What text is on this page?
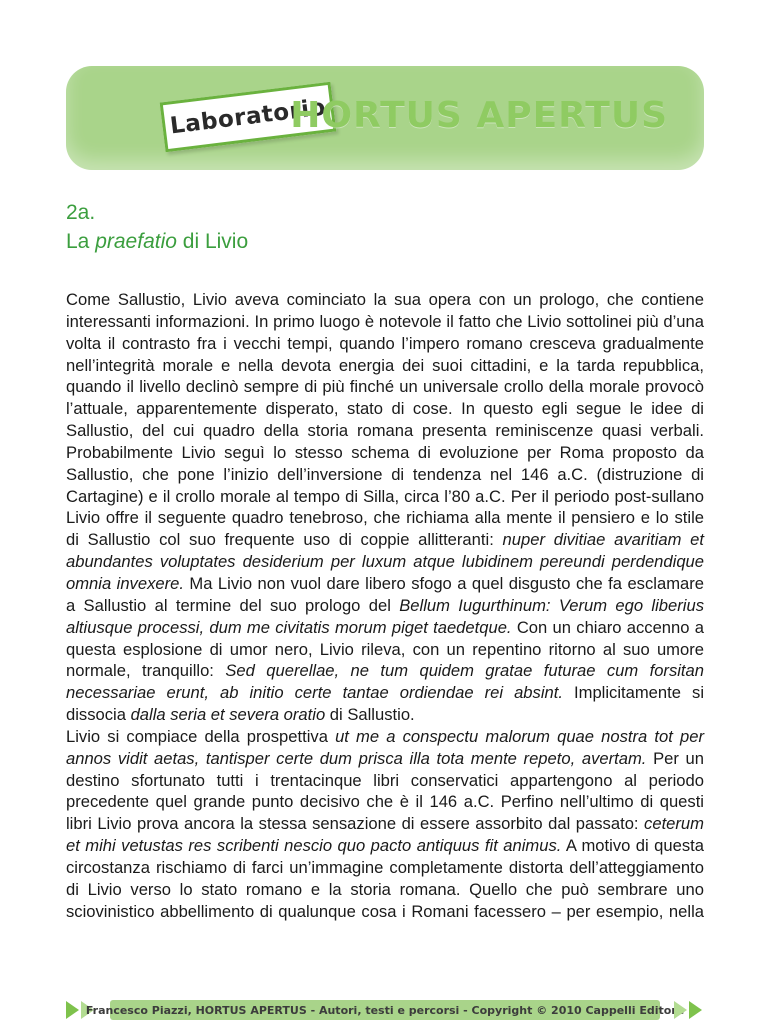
Laboratorio
HORTUS APERTUS
2a.
La praefatio di Livio

Come Sallustio, Livio aveva cominciato la sua opera con un prologo, che contiene interessanti informazioni. In primo luogo è notevole il fatto che Livio sottolinei più d’una volta il contrasto fra i vecchi tempi, quando l’impero romano cresceva gradualmente nell’integrità morale e nella devota energia dei suoi cittadini, e la tarda repubblica, quando il livello declinò sempre di più finché un universale crollo della morale provocò l’attuale, apparentemente disperato, stato di cose. In questo egli segue le idee di Sallustio, del cui quadro della storia romana presenta reminiscenze quasi verbali. Probabilmente Livio seguì lo stesso schema di evoluzione per Roma proposto da Sallustio, che pone l’inizio dell’inversione di tendenza nel 146 a.C. (distruzione di Cartagine) e il crollo morale al tempo di Silla, circa l’80 a.C. Per il periodo post-sullano Livio offre il seguente quadro tenebroso, che richiama alla mente il pensiero e lo stile di Sallustio col suo frequente uso di coppie allitteranti: nuper divitiae avaritiam et abundantes voluptates desiderium per luxum atque lubidinem pereundi perdendique omnia invexere. Ma Livio non vuol dare libero sfogo a quel disgusto che fa esclamare a Sallustio al termine del suo prologo del Bellum Iugurthinum: Verum ego liberius altiusque processi, dum me civitatis morum piget taedetque. Con un chiaro accenno a questa esplosione di umor nero, Livio rileva, con un repentino ritorno al suo umore normale, tranquillo: Sed querellae, ne tum quidem gratae futurae cum forsitan necessariae erunt, ab initio certe tantae ordiendae rei absint. Implicitamente si dissocia dalla seria et severa oratio di Sallustio.

Livio si compiace della prospettiva ut me a conspectu malorum quae nostra tot per annos vidit aetas, tantisper certe dum prisca illa tota mente repeto, avertam. Per un destino sfortunato tutti i trentacinque libri conservatici appartengono al periodo precedente quel grande punto decisivo che è il 146 a.C. Perfino nell’ultimo di questi libri Livio prova ancora la stessa sensazione di essere assorbito dal passato: ceterum et mihi vetustas res scribenti nescio quo pacto antiquus fit animus. A motivo di questa circostanza rischiamo di farci un’immagine completamente distorta dell’atteggiamento di Livio verso lo stato romano e la storia romana. Quello che può sembrare uno sciovinistico abbellimento di qualunque cosa i Romani facessero – per esempio, nella

Francesco Piazzi, HORTUS APERTUS - Autori, testi e percorsi - Copyright © 2010 Cappelli Editore
